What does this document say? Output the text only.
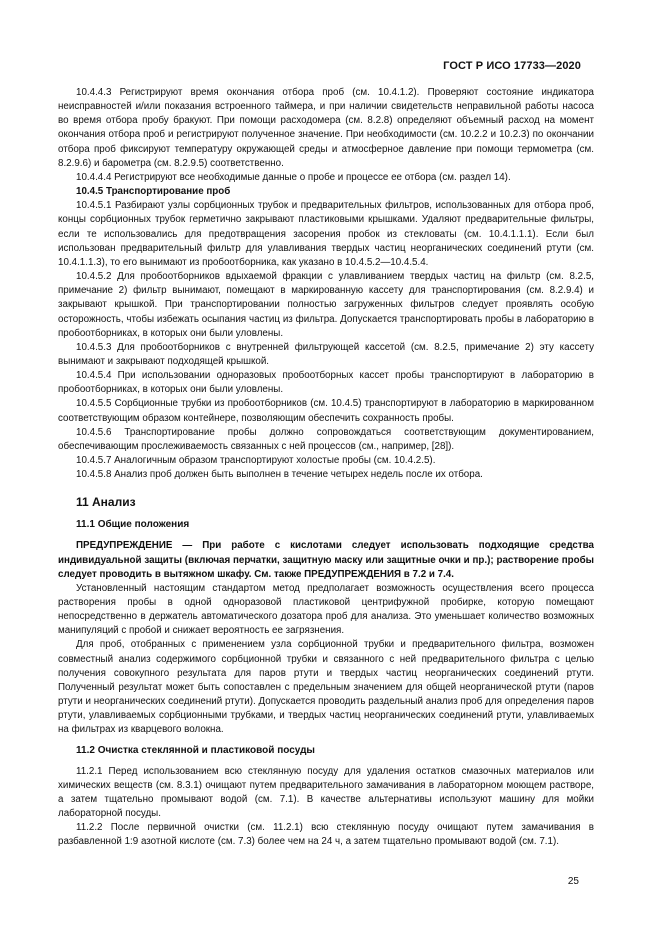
ГОСТ Р ИСО 17733—2020

10.4.4.3 Регистрируют время окончания отбора проб (см. 10.4.1.2). Проверяют состояние индикатора неисправностей и/или показания встроенного таймера, и при наличии свидетельств неправильной работы насоса во время отбора пробу бракуют. При помощи расходомера (см. 8.2.8) определяют объемный расход на момент окончания отбора проб и регистрируют полученное значение. При необходимости (см. 10.2.2 и 10.2.3) по окончании отбора проб фиксируют температуру окружающей среды и атмосферное давление при помощи термометра (см. 8.2.9.6) и барометра (см. 8.2.9.5) соответственно.

10.4.4.4 Регистрируют все необходимые данные о пробе и процессе ее отбора (см. раздел 14).

10.4.5 Транспортирование проб

10.4.5.1 Разбирают узлы сорбционных трубок и предварительных фильтров, использованных для отбора проб, концы сорбционных трубок герметично закрывают пластиковыми крышками. Удаляют предварительные фильтры, если те использовались для предотвращения засорения пробок из стекловаты (см. 10.4.1.1.1). Если был использован предварительный фильтр для улавливания твердых частиц неорганических соединений ртути (см. 10.4.1.1.3), то его вынимают из пробоотборника, как указано в 10.4.5.2—10.4.5.4.

10.4.5.2 Для пробоотборников вдыхаемой фракции с улавливанием твердых частиц на фильтр (см. 8.2.5, примечание 2) фильтр вынимают, помещают в маркированную кассету для транспортирования (см. 8.2.9.4) и закрывают крышкой. При транспортировании полностью загруженных фильтров следует проявлять особую осторожность, чтобы избежать осыпания частиц из фильтра. Допускается транспортировать пробы в лабораторию в пробоотборниках, в которых они были уловлены.

10.4.5.3 Для пробоотборников с внутренней фильтрующей кассетой (см. 8.2.5, примечание 2) эту кассету вынимают и закрывают подходящей крышкой.

10.4.5.4 При использовании одноразовых пробоотборных кассет пробы транспортируют в лабораторию в пробоотборниках, в которых они были уловлены.

10.4.5.5 Сорбционные трубки из пробоотборников (см. 10.4.5) транспортируют в лабораторию в маркированном соответствующим образом контейнере, позволяющим обеспечить сохранность пробы.

10.4.5.6 Транспортирование пробы должно сопровождаться соответствующим документированием, обеспечивающим прослеживаемость связанных с ней процессов (см., например, [28]).

10.4.5.7 Аналогичным образом транспортируют холостые пробы (см. 10.4.2.5).

10.4.5.8 Анализ проб должен быть выполнен в течение четырех недель после их отбора.

11 Анализ
11.1 Общие положения

ПРЕДУПРЕЖДЕНИЕ — При работе с кислотами следует использовать подходящие средства индивидуальной защиты (включая перчатки, защитную маску или защитные очки и пр.); растворение пробы следует проводить в вытяжном шкафу. См. также ПРЕДУПРЕЖДЕНИЯ в 7.2 и 7.4.

Установленный настоящим стандартом метод предполагает возможность осуществления всего процесса растворения пробы в одной одноразовой пластиковой центрифужной пробирке, которую помещают непосредственно в держатель автоматического дозатора проб для анализа. Это уменьшает количество возможных манипуляций с пробой и снижает вероятность ее загрязнения.

Для проб, отобранных с применением узла сорбционной трубки и предварительного фильтра, возможен совместный анализ содержимого сорбционной трубки и связанного с ней предварительного фильтра с целью получения совокупного результата для паров ртути и твердых частиц неорганических соединений ртути. Полученный результат может быть сопоставлен с предельным значением для общей неорганической ртути (паров ртути и неорганических соединений ртути). Допускается проводить раздельный анализ проб для определения паров ртути, улавливаемых сорбционными трубками, и твердых частиц неорганических соединений ртути, улавливаемых на фильтрах из кварцевого волокна.

11.2 Очистка стеклянной и пластиковой посуды

11.2.1 Перед использованием всю стеклянную посуду для удаления остатков смазочных материалов или химических веществ (см. 8.3.1) очищают путем предварительного замачивания в лабораторном моющем растворе, а затем тщательно промывают водой (см. 7.1). В качестве альтернативы используют машину для мойки лабораторной посуды.

11.2.2 После первичной очистки (см. 11.2.1) всю стеклянную посуду очищают путем замачивания в разбавленной 1:9 азотной кислоте (см. 7.3) более чем на 24 ч, а затем тщательно промывают водой (см. 7.1).

25
